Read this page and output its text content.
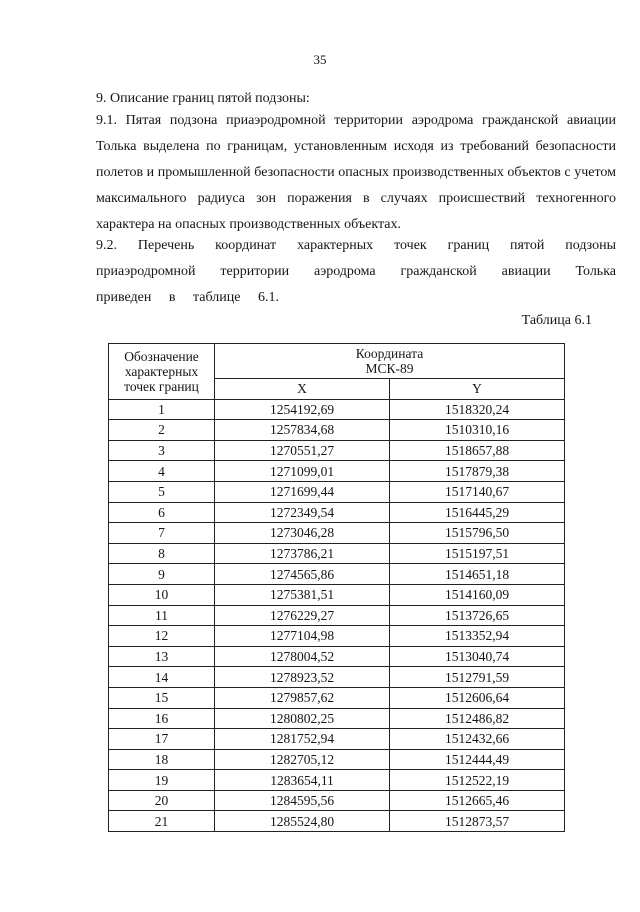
35
9. Описание границ пятой подзоны:

9.1. Пятая подзона приаэродромной территории аэродрома гражданской авиации Толька выделена по границам, установленным исходя из требований безопасности полетов и промышленной безопасности опасных производственных объектов с учетом максимального радиуса зон поражения в случаях происшествий техногенного характера на опасных производственных объектах.

9.2. Перечень координат характерных точек границ пятой подзоны приаэродромной территории аэродрома гражданской авиации Толька приведен в таблице 6.1.

Таблица 6.1
Обозначение характерных точек границ	Координата
МСК-89	
	X	Y
1	1254192,69	1518320,24
2	1257834,68	1510310,16
3	1270551,27	1518657,88
4	1271099,01	1517879,38
5	1271699,44	1517140,67
6	1272349,54	1516445,29
7	1273046,28	1515796,50
8	1273786,21	1515197,51
9	1274565,86	1514651,18
10	1275381,51	1514160,09
11	1276229,27	1513726,65
12	1277104,98	1513352,94
13	1278004,52	1513040,74
14	1278923,52	1512791,59
15	1279857,62	1512606,64
16	1280802,25	1512486,82
17	1281752,94	1512432,66
18	1282705,12	1512444,49
19	1283654,11	1512522,19
20	1284595,56	1512665,46
21	1285524,80	1512873,57
